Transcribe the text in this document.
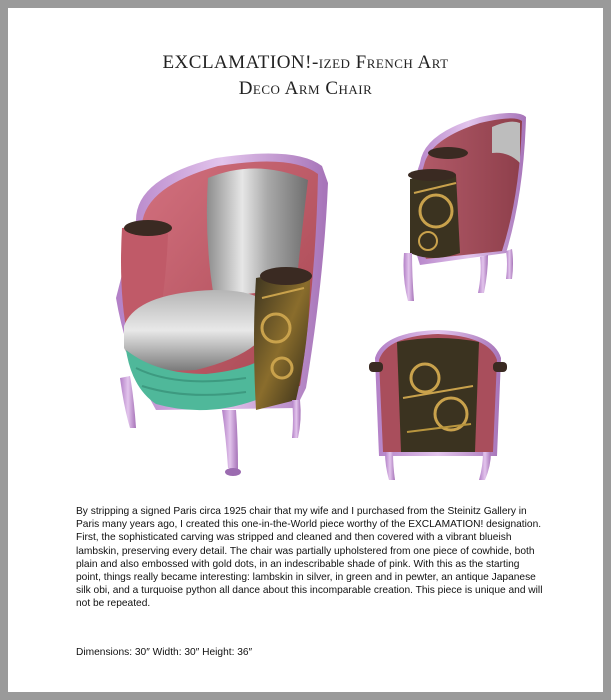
EXCLAMATION!-ized French Art
Deco Arm Chair

By stripping a signed Paris circa 1925 chair that my wife and I purchased from the Steinitz Gallery in Paris many years ago, I created this one-in-the-World piece worthy of the EXCLAMATION! designation. First, the sophisticated carving was stripped and cleaned and then covered with a vibrant blueish lambskin, preserving every detail. The chair was partially upholstered from one piece of cowhide, both plain and also embossed with gold dots, in an indescribable shade of pink. With this as the starting point, things really became interesting: lambskin in silver, in green and in pewter, an antique Japanese silk obi, and a turquoise python all dance about this incomparable creation. This piece is unique and will not be repeated.

Dimensions: 30″ Width: 30″ Height: 36″
